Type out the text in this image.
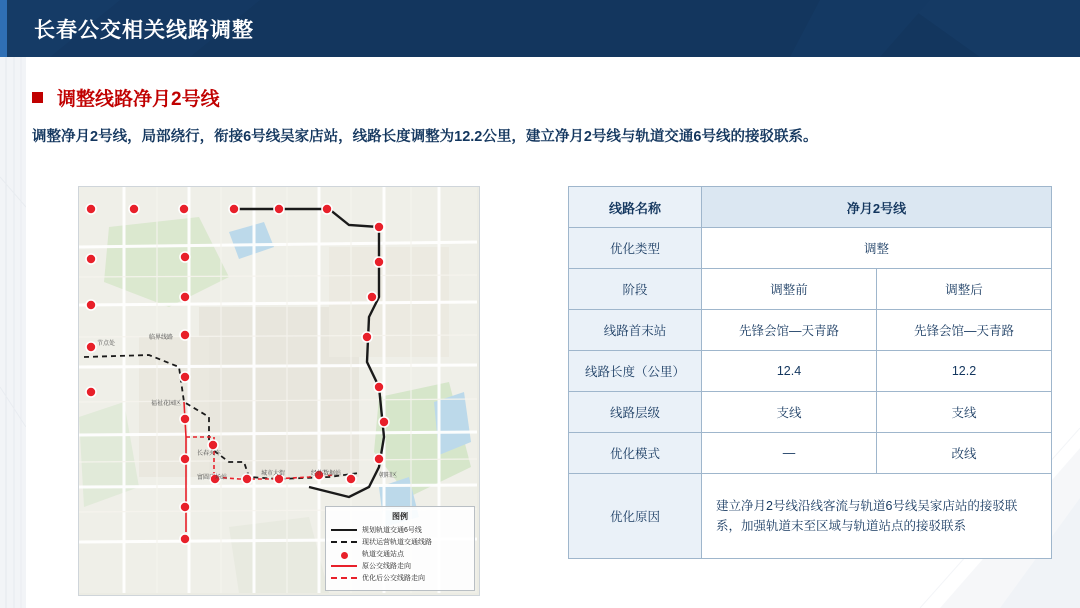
长春公交相关线路调整
调整线路净月2号线
调整净月2号线，局部绕行，衔接6号线吴家店站，线路长度调整为12.2公里，建立净月2号线与轨道交通6号线的接驳联系。
节点处
临界线路
福祉花园区
长春火车
富圆广场站
城市大街	经纬数据站	朝阳区
图例
规划轨道交通6号线
现状运营轨道交通线路
轨道交通站点
原公交线路走向
优化后公交线路走向
线路名称	净月2号线	
优化类型	调整	
阶段	调整前	调整后
线路首末站	先锋会馆—天青路	先锋会馆—天青路
线路长度（公里）	12.4	12.2
线路层级	支线	支线
优化模式	—	改线
优化原因	建立净月2号线沿线客流与轨道6号线吴家店站的接驳联系，加强轨道末至区域与轨道站点的接驳联系	
